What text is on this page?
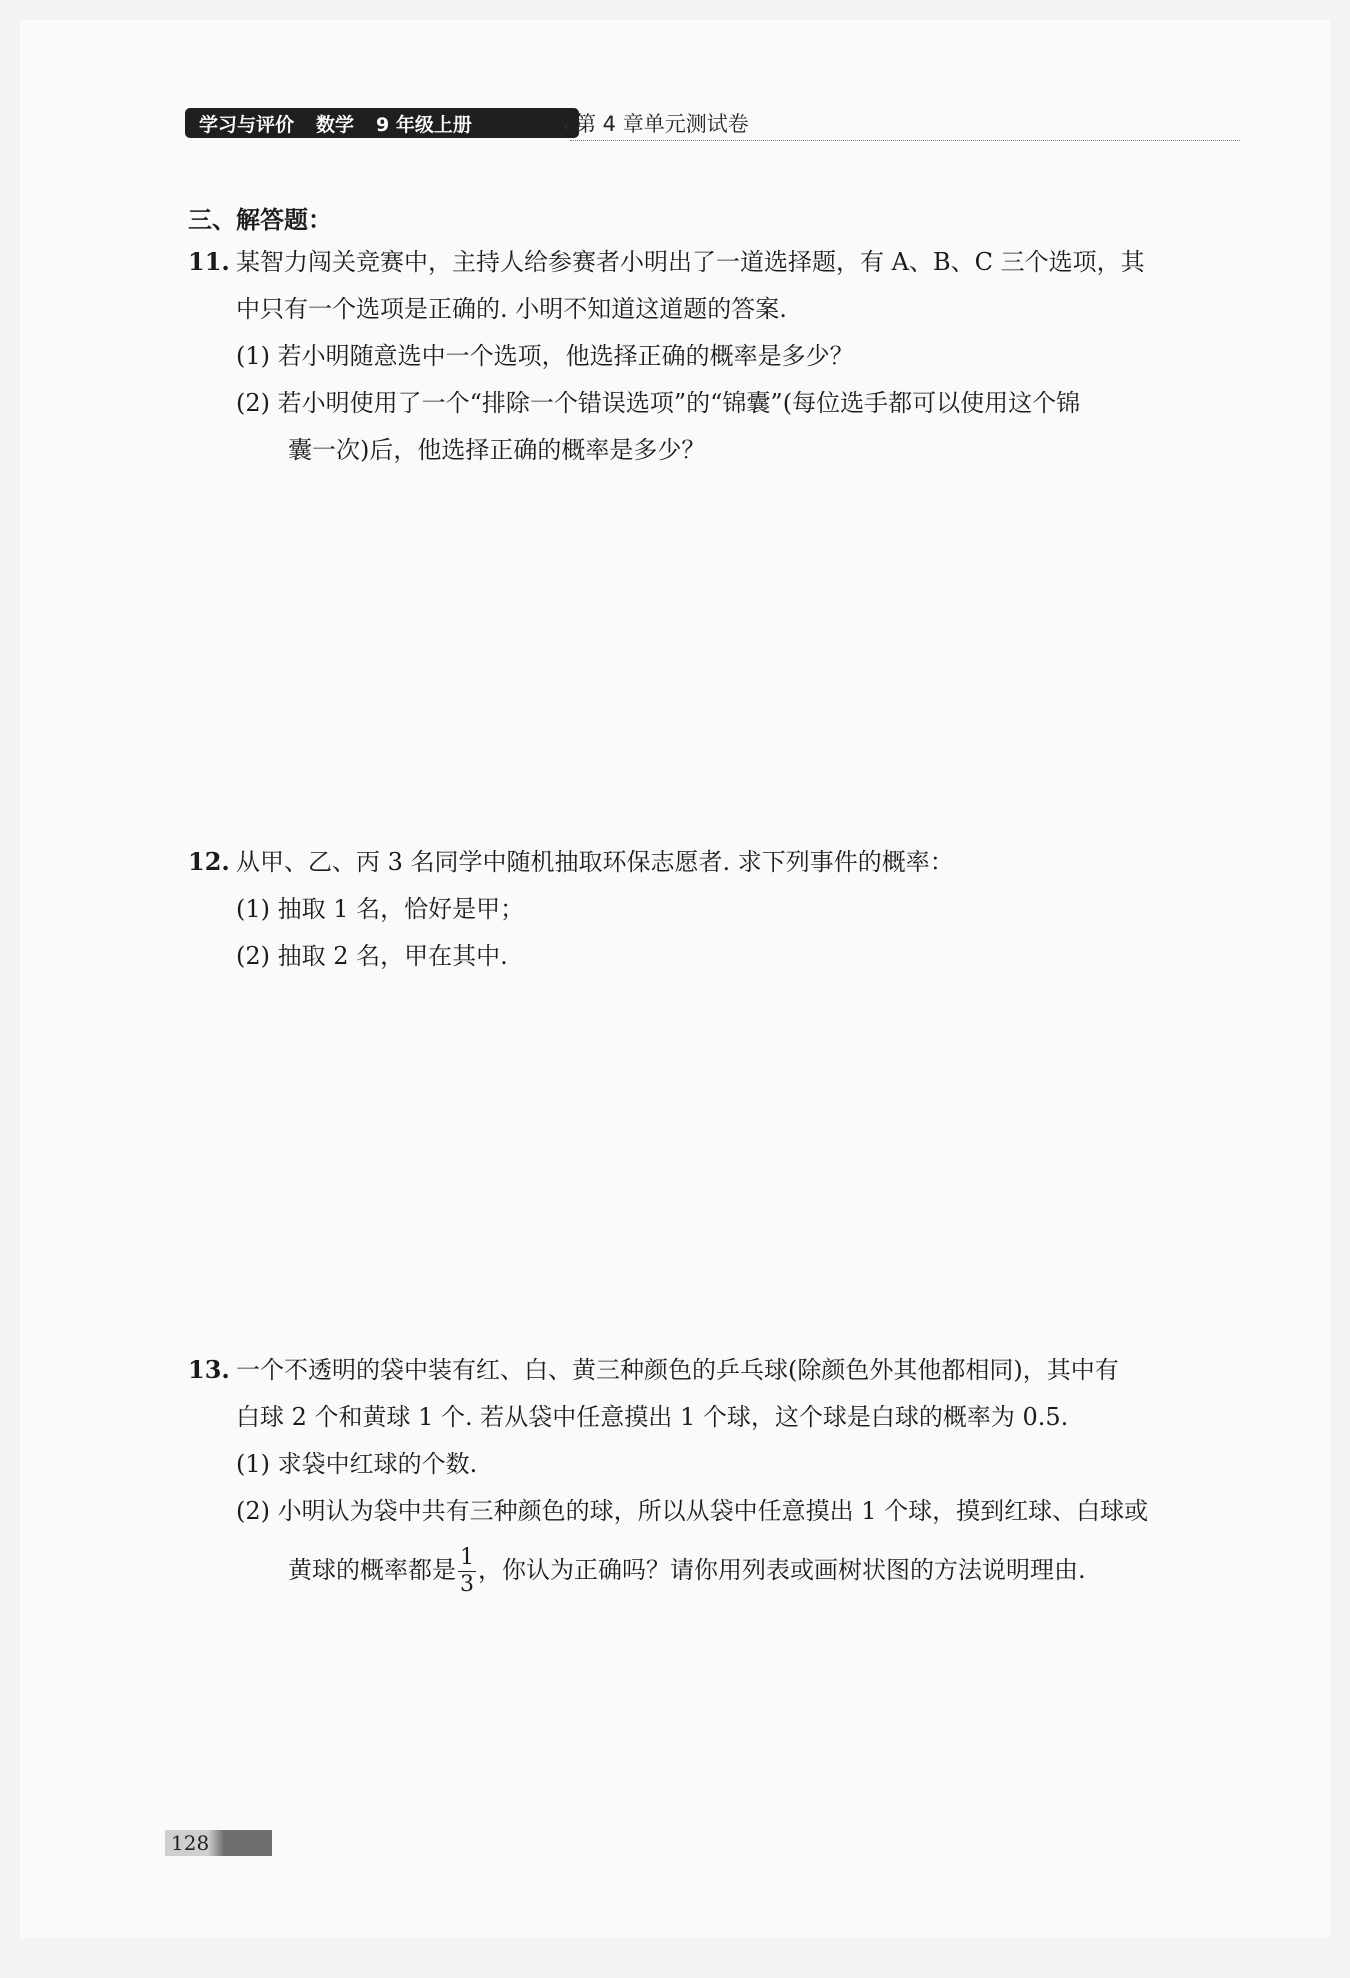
学习与评价 数学 9 年级上册	‹ 第 4 章单元测试卷
三、解答题：
11. 某智力闯关竞赛中，主持人给参赛者小明出了一道选择题，有 A、B、C 三个选项，其
中只有一个选项是正确的. 小明不知道这道题的答案.
(1) 若小明随意选中一个选项，他选择正确的概率是多少？
(2) 若小明使用了一个“排除一个错误选项”的“锦囊”(每位选手都可以使用这个锦
囊一次)后，他选择正确的概率是多少？
12. 从甲、乙、丙 3 名同学中随机抽取环保志愿者. 求下列事件的概率：
(1) 抽取 1 名，恰好是甲；
(2) 抽取 2 名，甲在其中.
13. 一个不透明的袋中装有红、白、黄三种颜色的乒乓球(除颜色外其他都相同)，其中有
白球 2 个和黄球 1 个. 若从袋中任意摸出 1 个球，这个球是白球的概率为 0.5.
(1) 求袋中红球的个数.
(2) 小明认为袋中共有三种颜色的球，所以从袋中任意摸出 1 个球，摸到红球、白球或
黄球的概率都是 $\frac{1}{3}$ ，你认为正确吗？请你用列表或画树状图的方法说明理由.
128
